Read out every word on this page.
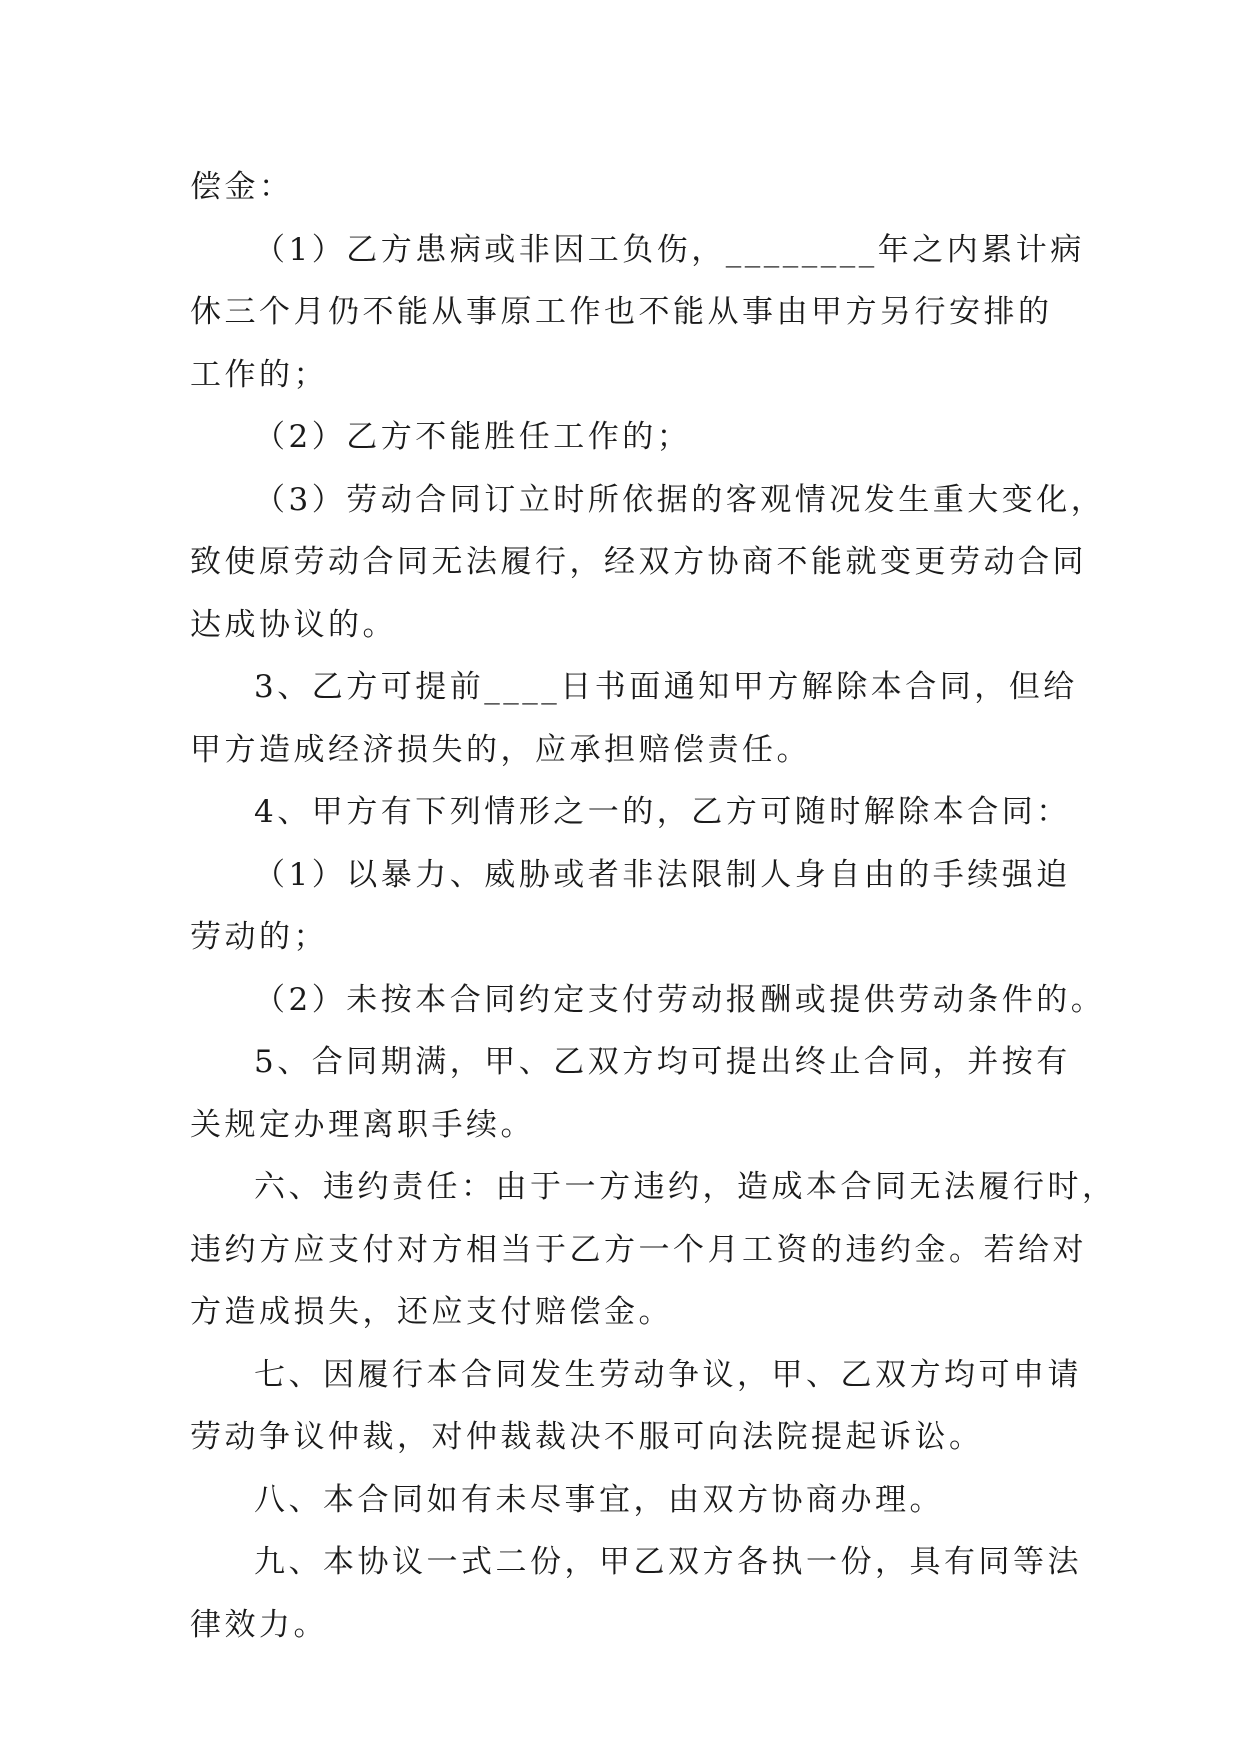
偿金：

（1）乙方患病或非因工负伤，________年之内累计病

休三个月仍不能从事原工作也不能从事由甲方另行安排的

工作的；

（2）乙方不能胜任工作的；

（3）劳动合同订立时所依据的客观情况发生重大变化，

致使原劳动合同无法履行，经双方协商不能就变更劳动合同

达成协议的。

3、乙方可提前____日书面通知甲方解除本合同，但给

甲方造成经济损失的，应承担赔偿责任。

4、甲方有下列情形之一的，乙方可随时解除本合同：

（1）以暴力、威胁或者非法限制人身自由的手续强迫

劳动的；

（2）未按本合同约定支付劳动报酬或提供劳动条件的。

5、合同期满，甲、乙双方均可提出终止合同，并按有

关规定办理离职手续。

六、违约责任：由于一方违约，造成本合同无法履行时，

违约方应支付对方相当于乙方一个月工资的违约金。若给对

方造成损失，还应支付赔偿金。

七、因履行本合同发生劳动争议，甲、乙双方均可申请

劳动争议仲裁，对仲裁裁决不服可向法院提起诉讼。

八、本合同如有未尽事宜，由双方协商办理。

九、本协议一式二份，甲乙双方各执一份，具有同等法

律效力。
